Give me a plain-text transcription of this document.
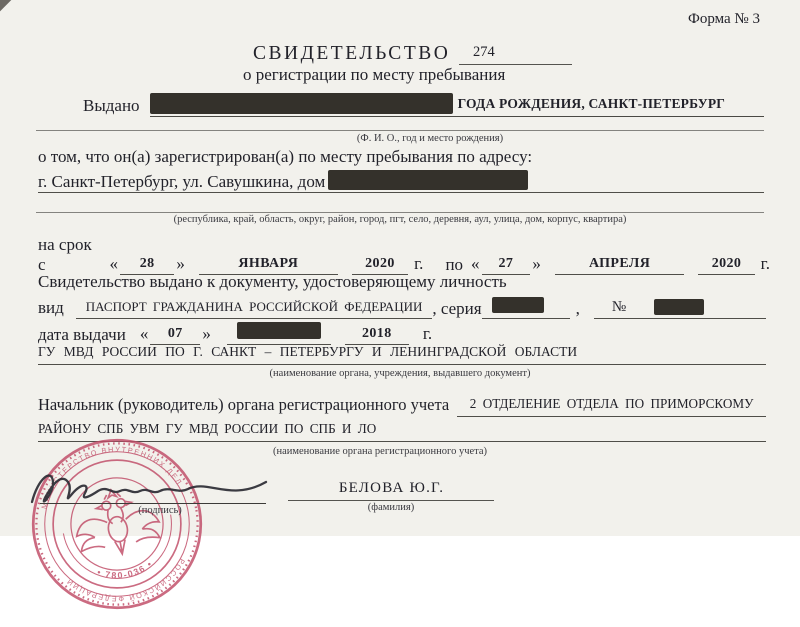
Форма № 3
СВИДЕТЕЛЬСТВО	274
о регистрации по месту пребывания
Выдано	ГОДА РОЖДЕНИЯ, САНКТ-ПЕТЕРБУРГ
(Ф. И. О., год и место рождения)
о том, что он(а) зарегистрирован(а) по месту пребывания по адресу:
г. Санкт-Петербург, ул. Савушкина, дом
(республика, край, область, округ, район, город, пгт, село, деревня, аул, улица, дом, корпус, квартира)
на срок с	«	28	»	ЯНВАРЯ	2020	г. по «	27	»	АПРЕЛЯ	2020	г.
Свидетельство выдано к документу, удостоверяющему личность
вид	ПАСПОРТ ГРАЖДАНИНА РОССИЙСКОЙ ФЕДЕРАЦИИ , серия	,	№
дата выдачи «	07	»	2018	г.
ГУ МВД РОССИИ ПО Г. САНКТ – ПЕТЕРБУРГУ И ЛЕНИНГРАДСКОЙ ОБЛАСТИ
(наименование органа, учреждения, выдавшего документ)
Начальник (руководитель) органа регистрационного учета	2 ОТДЕЛЕНИЕ ОТДЕЛА ПО ПРИМОРСКОМУ
РАЙОНУ СПБ УВМ ГУ МВД РОССИИ ПО СПБ И ЛО
(наименование органа регистрационного учета)
МИНИСТЕРСТВО ВНУТРЕННИХ ДЕЛ
РОССИЙСКОЙ ФЕДЕРАЦИИ
• 780-036 •
(подпись)
БЕЛОВА Ю.Г.
(фамилия)
